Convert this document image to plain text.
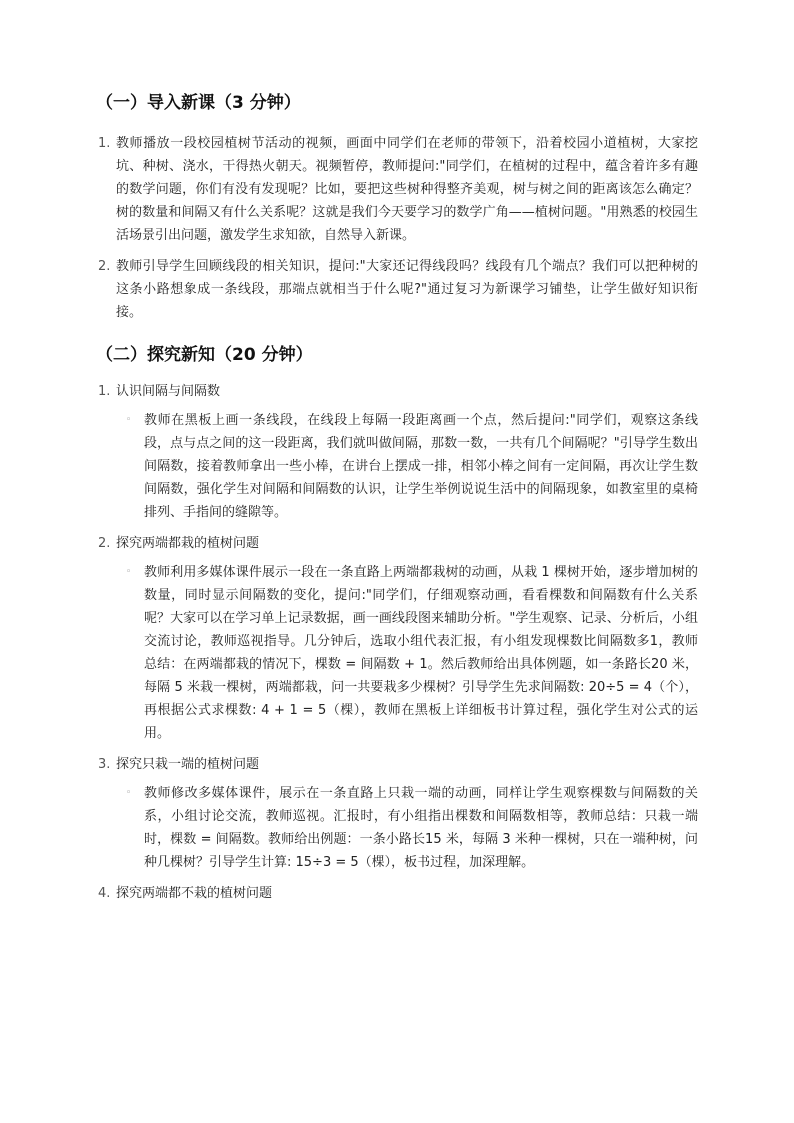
（一）导入新课（3 分钟）
1. 教师播放一段校园植树节活动的视频，画面中同学们在老师的带领下，沿着校园小道植树，大家挖坑、种树、浇水，干得热火朝天。视频暂停，教师提问:"同学们，在植树的过程中，蕴含着许多有趣的数学问题，你们有没有发现呢？比如，要把这些树种得整齐美观，树与树之间的距离该怎么确定？树的数量和间隔又有什么关系呢？这就是我们今天要学习的数学广角——植树问题。"用熟悉的校园生活场景引出问题，激发学生求知欲，自然导入新课。
2. 教师引导学生回顾线段的相关知识，提问:"大家还记得线段吗？线段有几个端点？我们可以把种树的这条小路想象成一条线段，那端点就相当于什么呢?"通过复习为新课学习铺垫，让学生做好知识衔接。
（二）探究新知（20 分钟）
1. 认识间隔与间隔数
◦ 教师在黑板上画一条线段，在线段上每隔一段距离画一个点，然后提问:"同学们，观察这条线段，点与点之间的这一段距离，我们就叫做间隔，那数一数，一共有几个间隔呢？"引导学生数出间隔数，接着教师拿出一些小棒，在讲台上摆成一排，相邻小棒之间有一定间隔，再次让学生数间隔数，强化学生对间隔和间隔数的认识，让学生举例说说生活中的间隔现象，如教室里的桌椅排列、手指间的缝隙等。
2. 探究两端都栽的植树问题
◦ 教师利用多媒体课件展示一段在一条直路上两端都栽树的动画，从栽 1 棵树开始，逐步增加树的数量，同时显示间隔数的变化，提问:"同学们，仔细观察动画，看看棵数和间隔数有什么关系呢？大家可以在学习单上记录数据，画一画线段图来辅助分析。"学生观察、记录、分析后，小组交流讨论，教师巡视指导。几分钟后，选取小组代表汇报，有小组发现棵数比间隔数多1，教师总结：在两端都栽的情况下，棵数 = 间隔数 + 1。然后教师给出具体例题，如一条路长20 米，每隔 5 米栽一棵树，两端都栽，问一共要栽多少棵树？引导学生先求间隔数: 20÷5 = 4（个），再根据公式求棵数: 4 + 1 = 5（棵），教师在黑板上详细板书计算过程，强化学生对公式的运用。
3. 探究只栽一端的植树问题
◦ 教师修改多媒体课件，展示在一条直路上只栽一端的动画，同样让学生观察棵数与间隔数的关系，小组讨论交流，教师巡视。汇报时，有小组指出棵数和间隔数相等，教师总结：只栽一端时，棵数 = 间隔数。教师给出例题：一条小路长15 米，每隔 3 米种一棵树，只在一端种树，问种几棵树？引导学生计算: 15÷3 = 5（棵），板书过程，加深理解。
4. 探究两端都不栽的植树问题
